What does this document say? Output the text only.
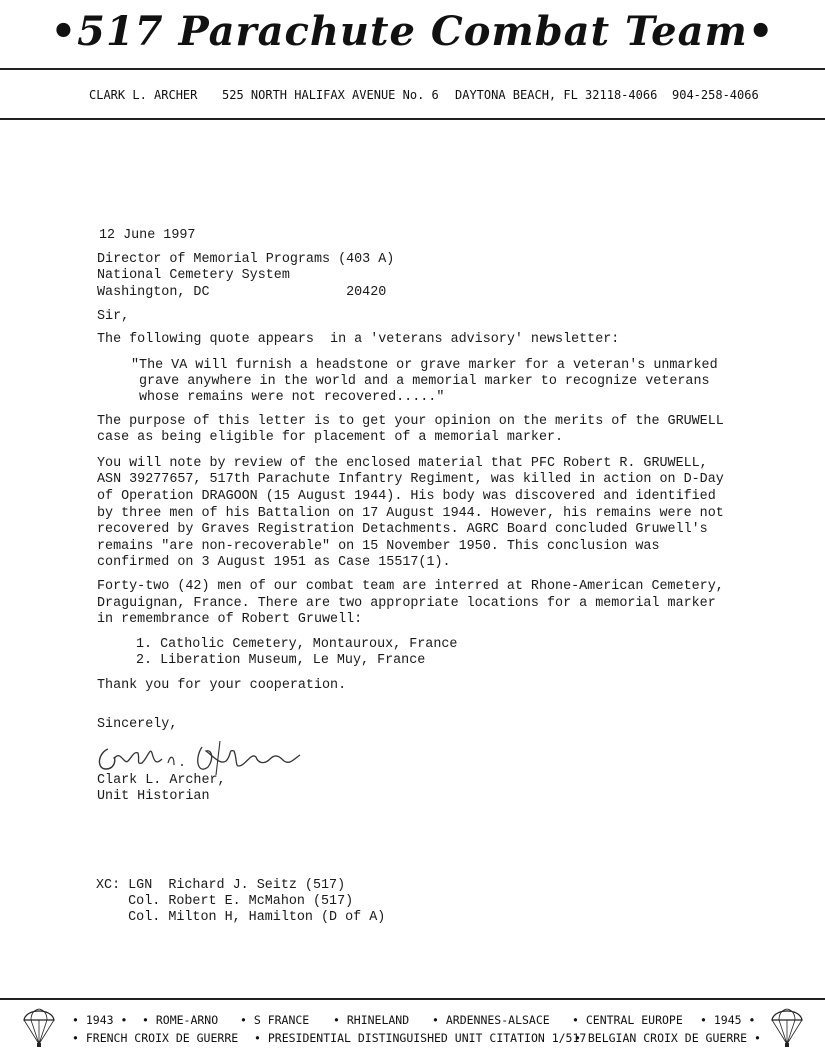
•517 Parachute Combat Team•
CLARK L. ARCHER 525 NORTH HALIFAX AVENUE No. 6 DAYTONA BEACH, FL 32118-4066 904-258-4066
12 June 1997
Director of Memorial Programs (403 A)
National Cemetery System
Washington, DC                 20420
Sir,
The following quote appears  in a 'veterans advisory' newsletter:
"The VA will furnish a headstone or grave marker for a veteran's unmarked
grave anywhere in the world and a memorial marker to recognize veterans
whose remains were not recovered....."
The purpose of this letter is to get your opinion on the merits of the GRUWELL
case as being eligible for placement of a memorial marker.
You will note by review of the enclosed material that PFC Robert R. GRUWELL,
ASN 39277657, 517th Parachute Infantry Regiment, was killed in action on D-Day
of Operation DRAGOON (15 August 1944). His body was discovered and identified
by three men of his Battalion on 17 August 1944. However, his remains were not
recovered by Graves Registration Detachments. AGRC Board concluded Gruwell's
remains "are non-recoverable" on 15 November 1950. This conclusion was
confirmed on 3 August 1951 as Case 15517(1).
Forty-two (42) men of our combat team are interred at Rhone-American Cemetery,
Draguignan, France. There are two appropriate locations for a memorial marker
in remembrance of Robert Gruwell:
1. Catholic Cemetery, Montauroux, France
2. Liberation Museum, Le Muy, France
Thank you for your cooperation.
Sincerely,
Clark L. Archer,
Unit Historian
XC: LGN  Richard J. Seitz (517)
Col. Robert E. McMahon (517)
Col. Milton H, Hamilton (D of A)
• 1943 • • ROME-ARNO • S FRANCE • RHINELAND • ARDENNES-ALSACE • CENTRAL EUROPE • 1945 •
• FRENCH CROIX DE GUERRE • PRESIDENTIAL DISTINGUISHED UNIT CITATION 1/517
• BELGIAN CROIX DE GUERRE •
